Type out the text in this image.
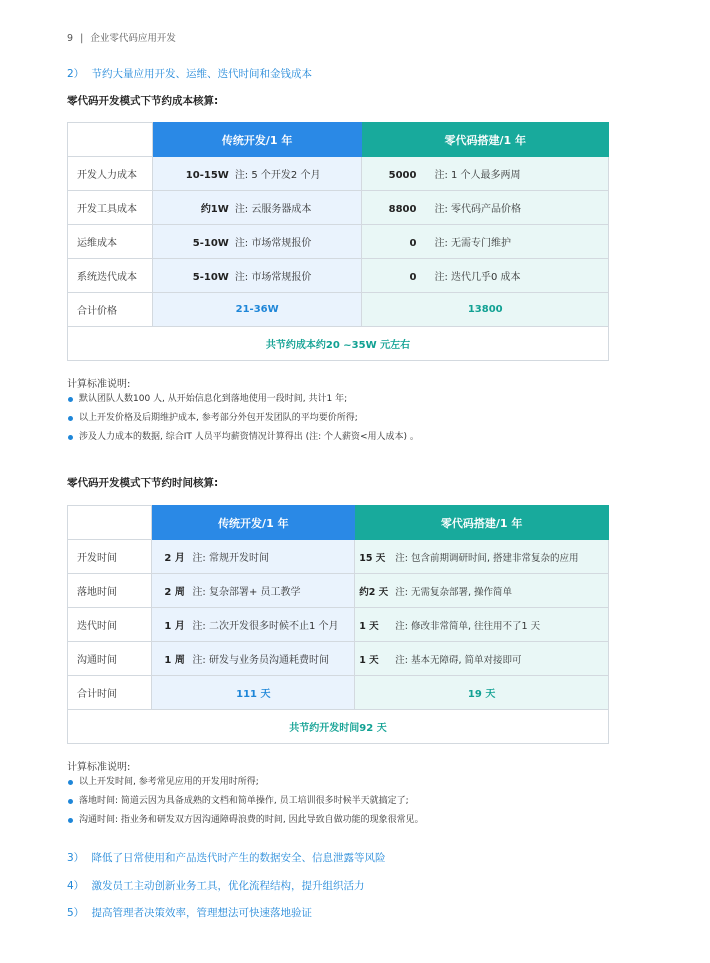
9 | 企业零代码应用开发
2） 节约大量应用开发、运维、迭代时间和金钱成本
零代码开发模式下节约成本核算:
	传统开发/1 年	零代码搭建/1 年
开发人力成本	10-15W 注: 5 个开发2 个月	5000 注: 1 个人最多两周
开发工具成本	约1W 注: 云服务器成本	8800 注: 零代码产品价格
运维成本	5-10W 注: 市场常规报价	0 注: 无需专门维护
系统迭代成本	5-10W 注: 市场常规报价	0 注: 迭代几乎0 成本
合计价格	21-36W	13800
共节约成本约20 ~35W 元左右		
计算标准说明:
默认团队人数100 人, 从开始信息化到落地使用一段时间, 共计1 年;
以上开发价格及后期维护成本, 参考部分外包开发团队的平均要价所得;
涉及人力成本的数据, 综合IT 人员平均薪资情况计算得出 (注: 个人薪资<用人成本) 。
零代码开发模式下节约时间核算:
	传统开发/1 年	零代码搭建/1 年
开发时间	2 月 注: 常规开发时间	15 天 注: 包含前期调研时间, 搭建非常复杂的应用
落地时间	2 周 注: 复杂部署+ 员工教学	约2 天 注: 无需复杂部署, 操作简单
迭代时间	1 月 注: 二次开发很多时候不止1 个月	1 天 注: 修改非常简单, 往往用不了1 天
沟通时间	1 周 注: 研发与业务员沟通耗费时间	1 天 注: 基本无障碍, 简单对接即可
合计时间	111 天	19 天
共节约开发时间92 天		
计算标准说明:
以上开发时间, 参考常见应用的开发用时所得;
落地时间: 简道云因为具备成熟的文档和简单操作, 员工培训很多时候半天就搞定了;
沟通时间: 指业务和研发双方因沟通障碍浪费的时间, 因此导致自做功能的现象很常见。
3） 降低了日常使用和产品迭代时产生的数据安全、信息泄露等风险
4） 激发员工主动创新业务工具，优化流程结构，提升组织活力
5） 提高管理者决策效率，管理想法可快速落地验证
